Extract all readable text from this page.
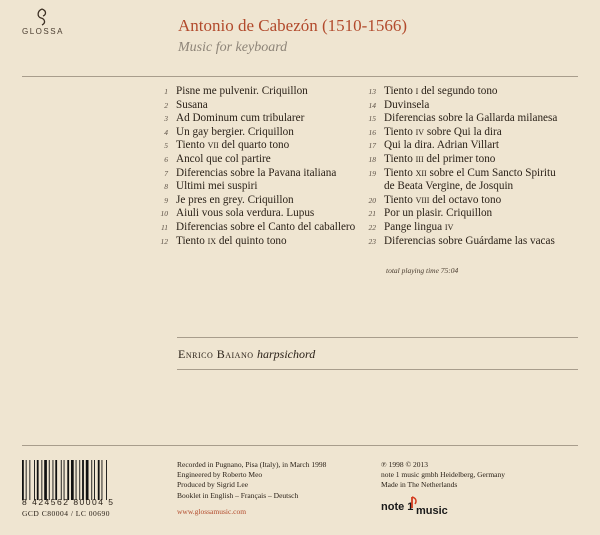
GLOSSA	Antonio de Cabezón (1510-1566)
Music for keyboard
1 Pisne me pulvenir. Criquillon
2 Susana
3 Ad Dominum cum tribularer
4 Un gay bergier. Criquillon
5 Tiento vii del quarto tono
6 Ancol que col partire
7 Diferencias sobre la Pavana italiana
8 Ultimi mei suspiri
9 Je pres en grey. Criquillon
10 Aiuli vous sola verdura. Lupus
11 Diferencias sobre el Canto del caballero
12 Tiento ix del quinto tono
13 Tiento i del segundo tono
14 Duvinsela
15 Diferencias sobre la Gallarda milanesa
16 Tiento iv sobre Qui la dira
17 Qui la dira. Adrian Villart
18 Tiento iii del primer tono
19 Tiento xii sobre el Cum Sancto Spiritu
de Beata Vergine, de Josquin
20 Tiento viii del octavo tono
21 Por un plasir. Criquillon
22 Pange lingua iv
23 Diferencias sobre Guárdame las vacas
total playing time 75:04
Enrico Baiano harpsichord
8 424562 80004 5
GCD C80004 / LC 00690
Recorded in Pugnano, Pisa (Italy), in March 1998
Engineered by Roberto Meo
Produced by Sigrid Lee
Booklet in English – Français – Deutsch
www.glossamusic.com
℗ 1998 © 2013
note 1 music gmbh Heidelberg, Germany
Made in The Netherlands
note 1 music
